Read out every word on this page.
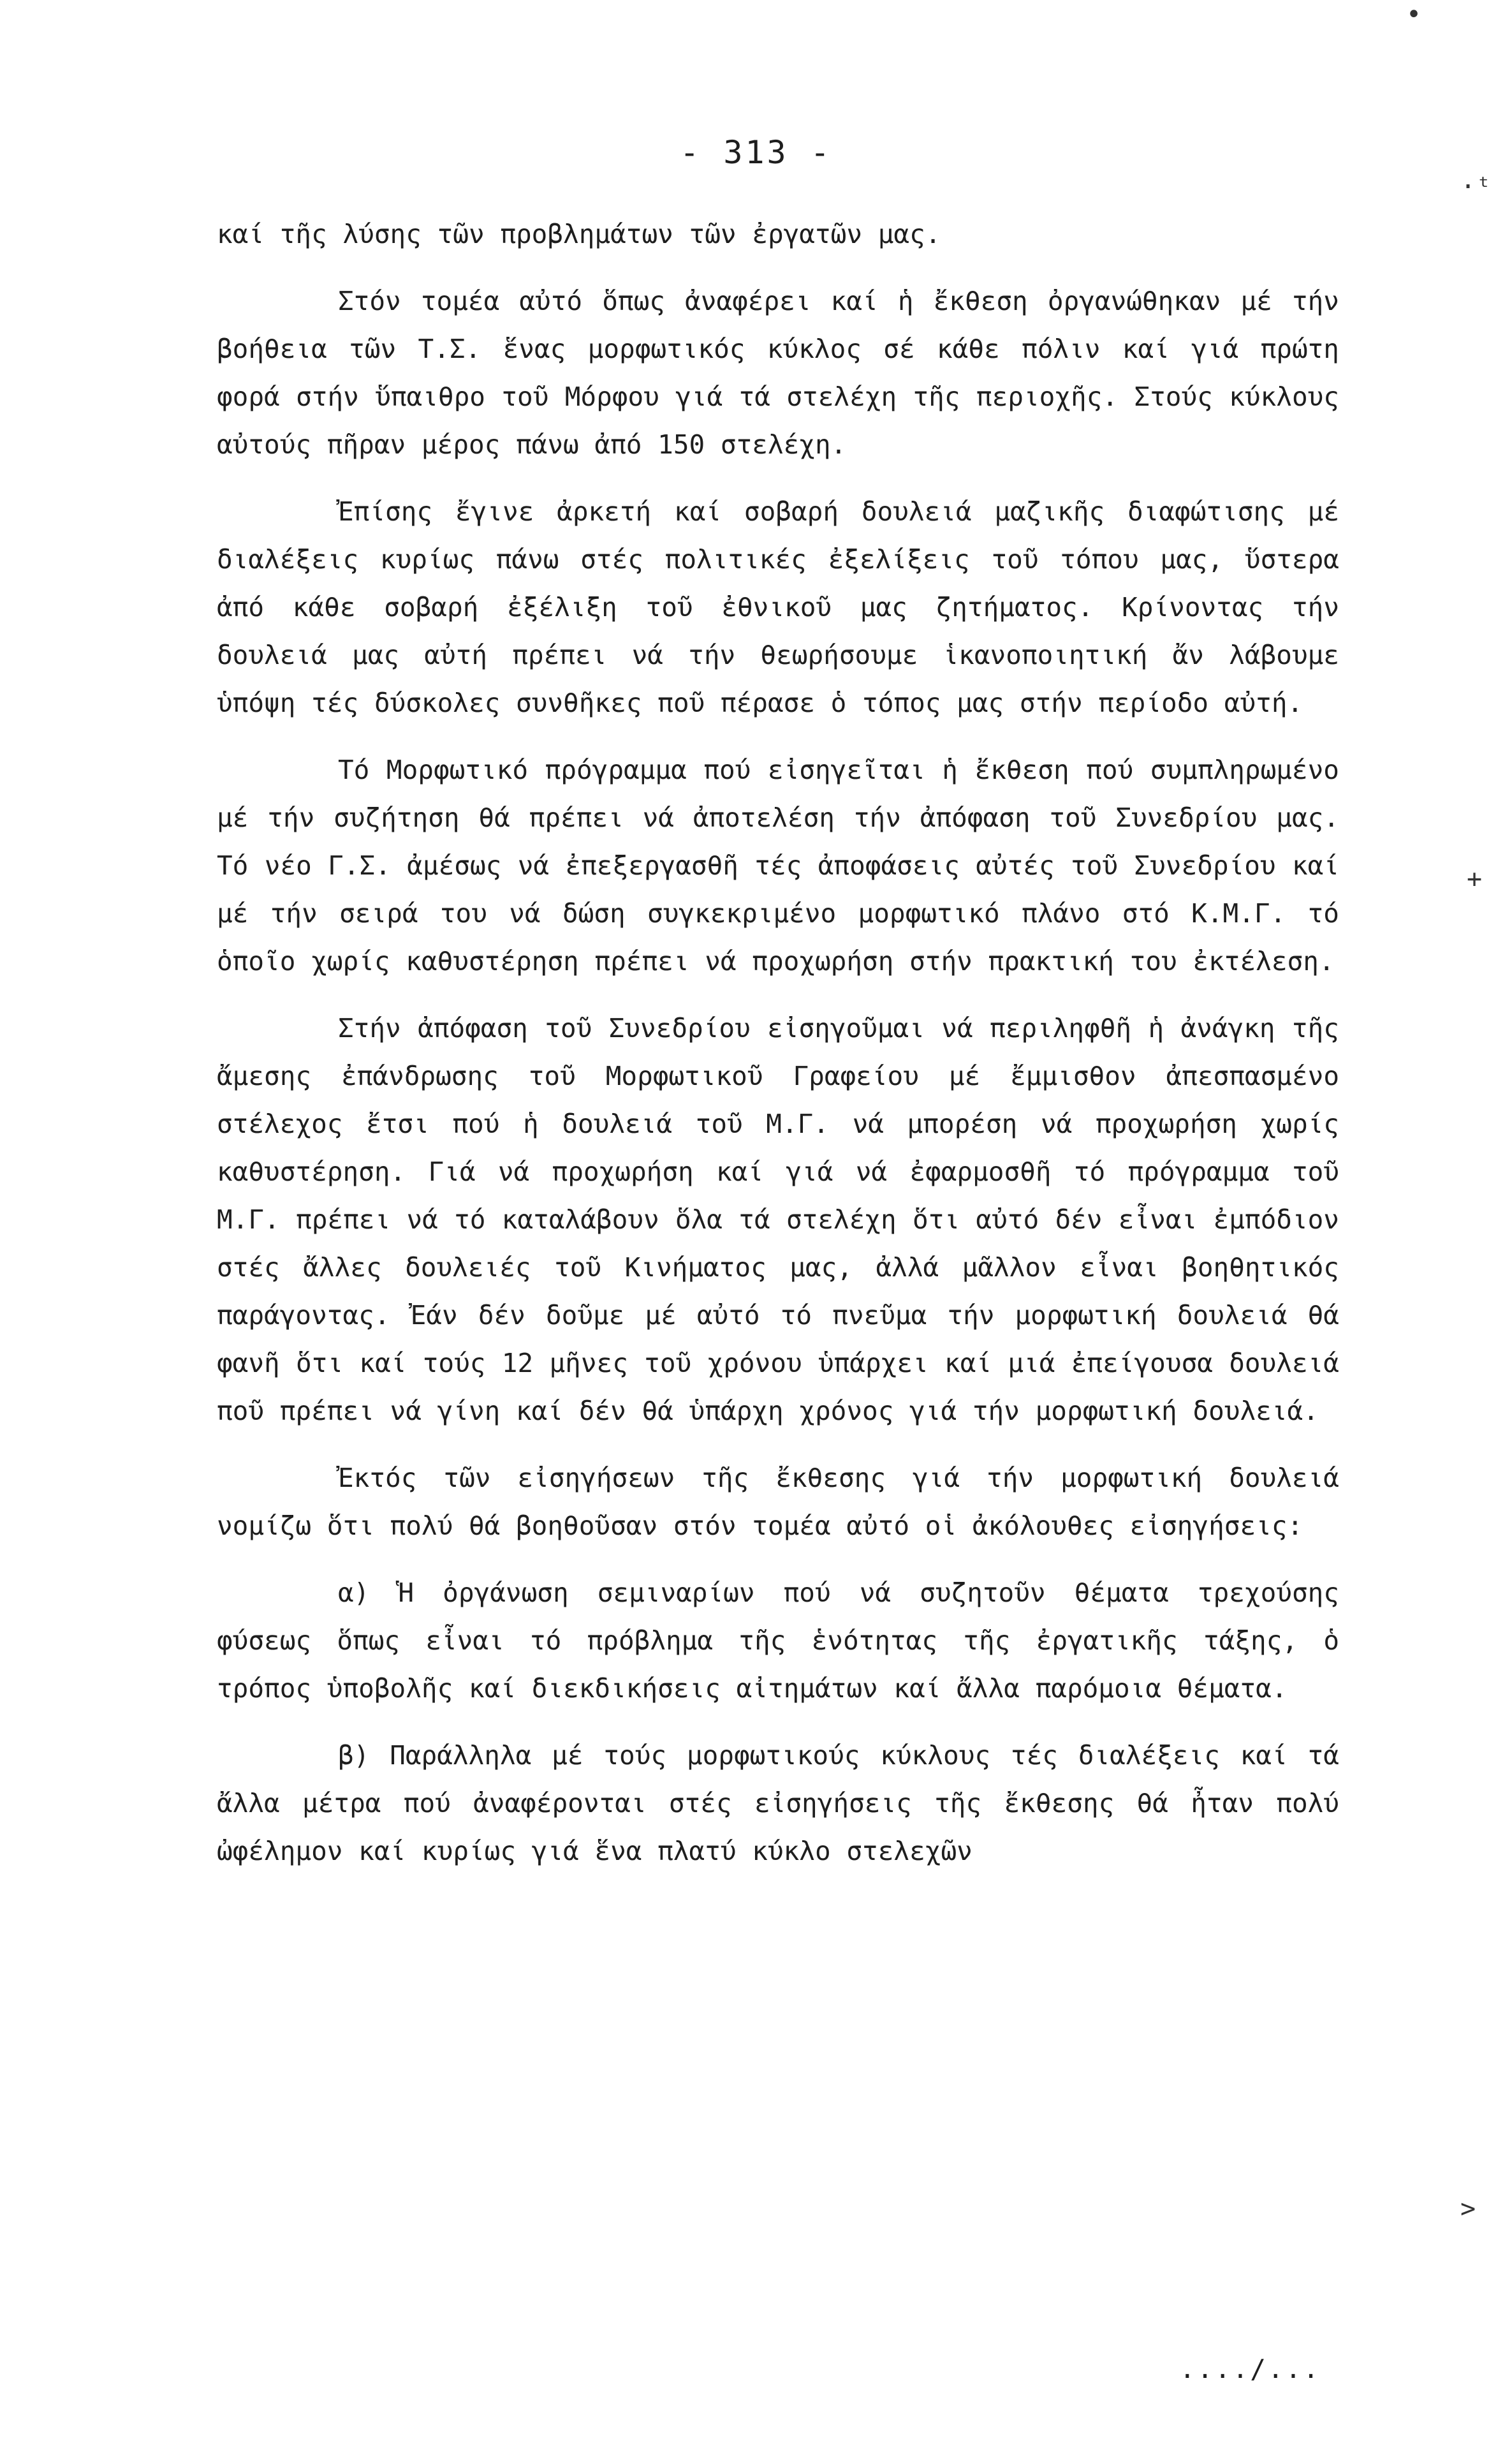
- 313 -

καί τῆς λύσης τῶν προβλημάτων τῶν ἐργατῶν μας.

Στόν τομέα αὐτό ὅπως ἀναφέρει καί ἡ ἔκθεση ὀργανώθηκαν μέ τήν βοήθεια τῶν Τ.Σ. ἕνας μορφωτικός κύκλος σέ κάθε πόλιν καί γιά πρώτη φορά στήν ὕπαιθρο τοῦ Μόρφου γιά τά στελέχη τῆς περιοχῆς. Στούς κύκλους αὐτούς πῆραν μέρος πάνω ἀπό 150 στελέχη.

Ἐπίσης ἔγινε ἀρκετή καί σοβαρή δουλειά μαζικῆς διαφώτισης μέ διαλέξεις κυρίως πάνω στές πολιτικές ἐξελίξεις τοῦ τόπου μας, ὕστερα ἀπό κάθε σοβαρή ἐξέλιξη τοῦ ἐθνικοῦ μας ζητήματος. Κρίνοντας τήν δουλειά μας αὐτή πρέπει νά τήν θεωρήσουμε ἱκανοποιητική ἄν λάβουμε ὑπόψη τές δύσκολες συνθῆκες ποῦ πέρασε ὁ τόπος μας στήν περίοδο αὐτή.

Τό Μορφωτικό πρόγραμμα πού εἰσηγεῖται ἡ ἔκθεση πού συμπληρωμένο μέ τήν συζήτηση θά πρέπει νά ἀποτελέση τήν ἀπόφαση τοῦ Συνεδρίου μας. Τό νέο Γ.Σ. ἀμέσως νά ἐπεξεργασθῆ τές ἀποφάσεις αὐτές τοῦ Συνεδρίου καί μέ τήν σειρά του νά δώση συγκεκριμένο μορφωτικό πλάνο στό Κ.Μ.Γ. τό ὁποῖο χωρίς καθυστέρηση πρέπει νά προχωρήση στήν πρακτική του ἐκτέλεση.

Στήν ἀπόφαση τοῦ Συνεδρίου εἰσηγοῦμαι νά περιληφθῆ ἡ ἀνάγκη τῆς ἄμεσης ἐπάνδρωσης τοῦ Μορφωτικοῦ Γραφείου μέ ἔμμισθον ἀπεσπασμένο στέλεχος ἔτσι πού ἡ δουλειά τοῦ Μ.Γ. νά μπορέση νά προχωρήση χωρίς καθυστέρηση. Γιά νά προχωρήση καί γιά νά ἐφαρμοσθῆ τό πρόγραμμα τοῦ Μ.Γ. πρέπει νά τό καταλάβουν ὅλα τά στελέχη ὅτι αὐτό δέν εἶναι ἐμπόδιον στές ἄλλες δουλειές τοῦ Κινήματος μας, ἀλλά μᾶλλον εἶναι βοηθητικός παράγοντας. Ἐάν δέν δοῦμε μέ αὐτό τό πνεῦμα τήν μορφωτική δουλειά θά φανῆ ὅτι καί τούς 12 μῆνες τοῦ χρόνου ὑπάρχει καί μιά ἐπείγουσα δουλειά ποῦ πρέπει νά γίνη καί δέν θά ὑπάρχη χρόνος γιά τήν μορφωτική δουλειά.

Ἐκτός τῶν εἰσηγήσεων τῆς ἔκθεσης γιά τήν μορφωτική δουλειά νομίζω ὅτι πολύ θά βοηθοῦσαν στόν τομέα αὐτό οἱ ἀκόλουθες εἰσηγήσεις:

α) Ἡ ὀργάνωση σεμιναρίων πού νά συζητοῦν θέματα τρεχούσης φύσεως ὅπως εἶναι τό πρόβλημα τῆς ἑνότητας τῆς ἐργατικῆς τάξης, ὁ τρόπος ὑποβολῆς καί διεκδικήσεις αἰτημάτων καί ἄλλα παρόμοια θέματα.

β) Παράλληλα μέ τούς μορφωτικούς κύκλους τές διαλέξεις καί τά ἄλλα μέτρα πού ἀναφέρονται στές εἰσηγήσεις τῆς ἔκθεσης θά ἦταν πολύ ὠφέλημον καί κυρίως γιά ἕνα πλατύ κύκλο στελεχῶν

..../...
•
·ᵗ
+
>
